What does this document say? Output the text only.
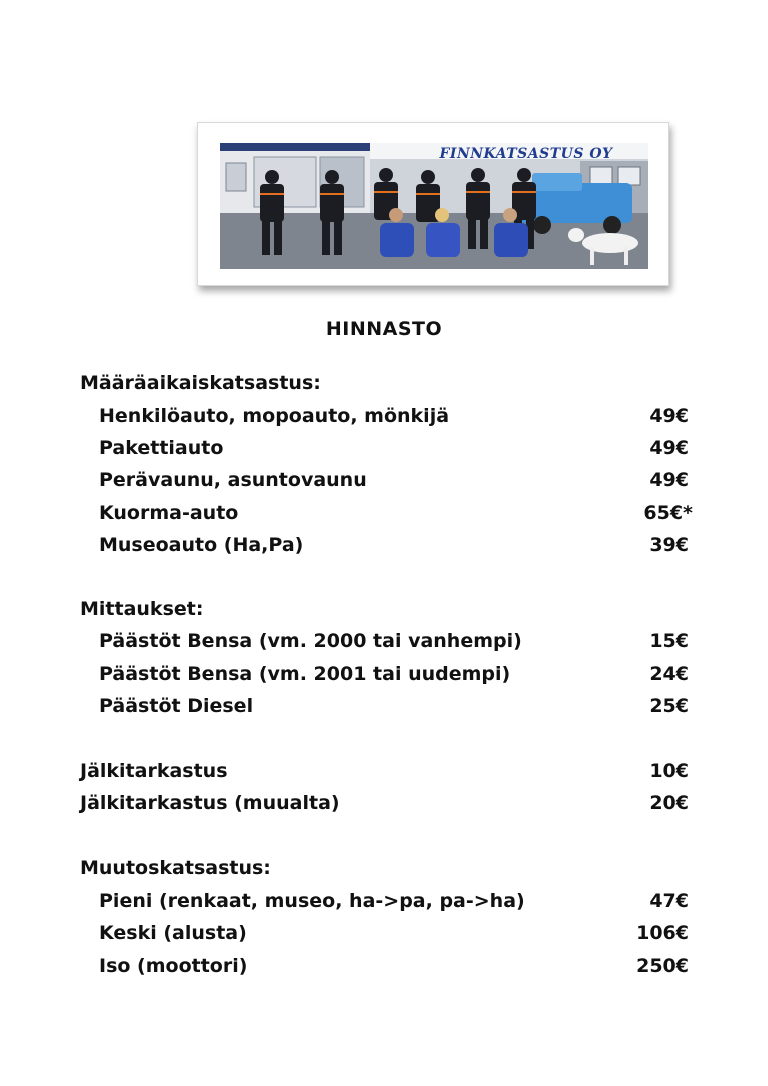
FINNKATSASTUS OY
HINNASTO
Määräaikaiskatsastus:
Henkilöauto, mopoauto, mönkijä	49€
Pakettiauto	49€
Perävaunu, asuntovaunu	49€
Kuorma-auto	65€*
Museoauto (Ha,Pa)	39€
Mittaukset:
Päästöt Bensa (vm. 2000 tai vanhempi)	15€
Päästöt Bensa (vm. 2001 tai uudempi)	24€
Päästöt Diesel	25€
Jälkitarkastus	10€
Jälkitarkastus (muualta)	20€
Muutoskatsastus:
Pieni (renkaat, museo, ha->pa, pa->ha)	47€
Keski (alusta)	106€
Iso (moottori)	250€
